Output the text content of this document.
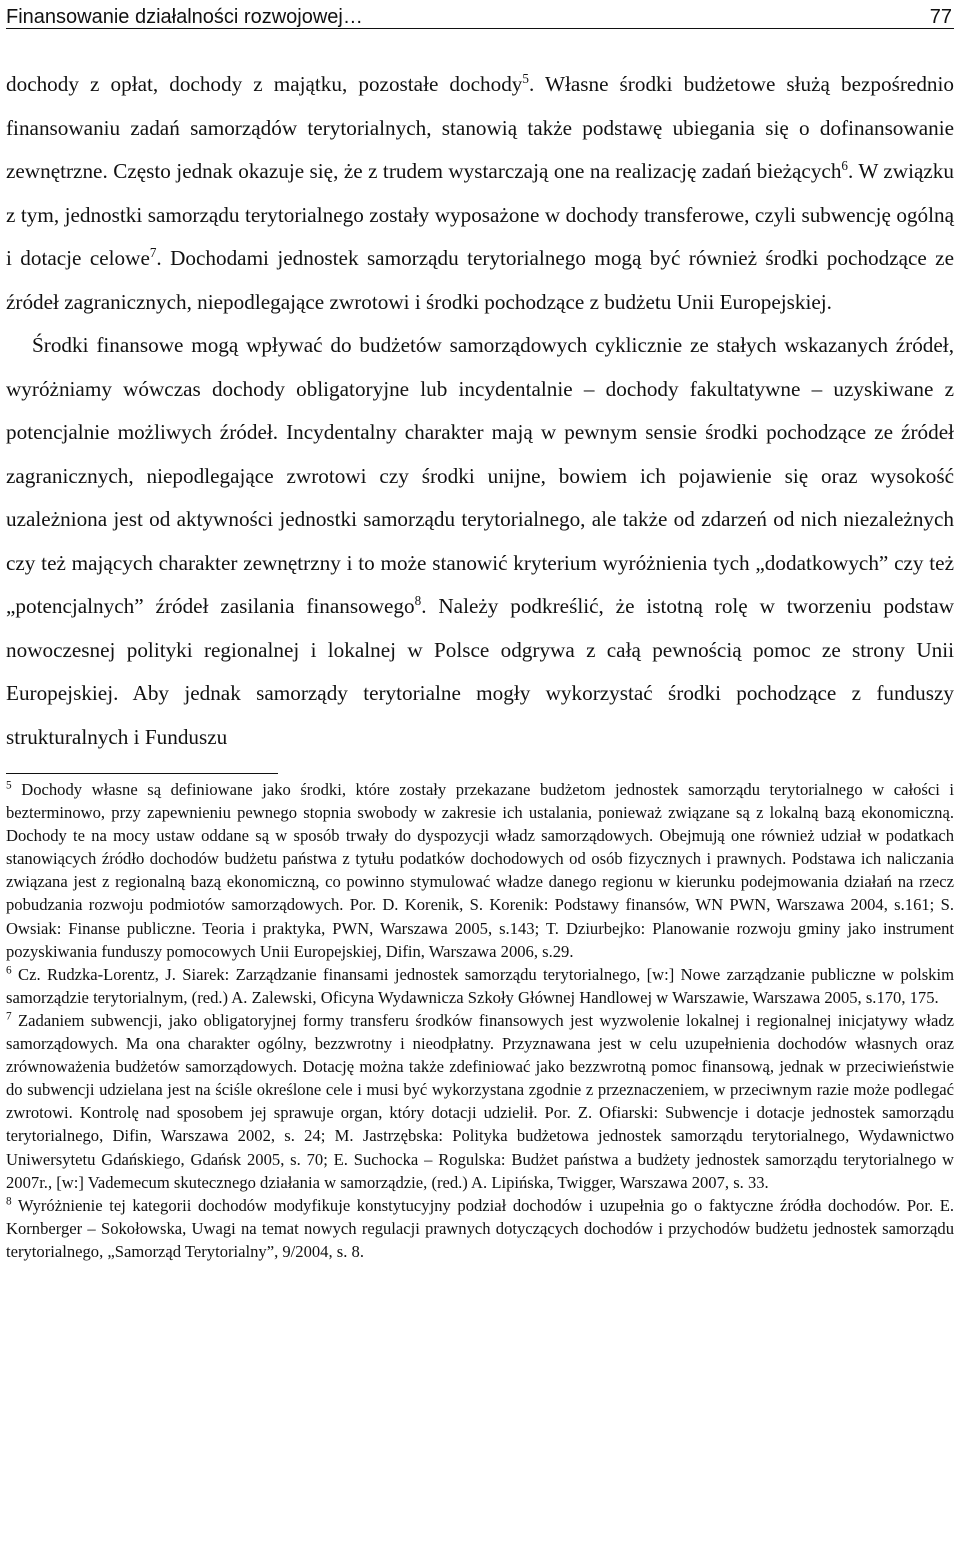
Finansowanie działalności rozwojowej…	77

dochody z opłat, dochody z majątku, pozostałe dochody$^5$. Własne środki budżetowe służą bezpośrednio finansowaniu zadań samorządów terytorialnych, stanowią także podstawę ubiegania się o dofinansowanie zewnętrzne. Często jednak okazuje się, że z trudem wystarczają one na realizację zadań bieżących$^6$. W związku z tym, jednostki samorządu terytorialnego zostały wyposażone w dochody transferowe, czyli subwencję ogólną i dotacje celowe$^7$. Dochodami jednostek samorządu terytorialnego mogą być również środki pochodzące ze źródeł zagranicznych, niepodlegające zwrotowi i środki pochodzące z budżetu Unii Europejskiej.

Środki finansowe mogą wpływać do budżetów samorządowych cyklicznie ze stałych wskazanych źródeł, wyróżniamy wówczas dochody obligatoryjne lub incydentalnie – dochody fakultatywne – uzyskiwane z potencjalnie możliwych źródeł. Incydentalny charakter mają w pewnym sensie środki pochodzące ze źródeł zagranicznych, niepodlegające zwrotowi czy środki unijne, bowiem ich pojawienie się oraz wysokość uzależniona jest od aktywności jednostki samorządu terytorialnego, ale także od zdarzeń od nich niezależnych czy też mających charakter zewnętrzny i to może stanowić kryterium wyróżnienia tych „dodatkowych” czy też „potencjalnych” źródeł zasilania finansowego$^8$. Należy podkreślić, że istotną rolę w tworzeniu podstaw nowoczesnej polityki regionalnej i lokalnej w Polsce odgrywa z całą pewnością pomoc ze strony Unii Europejskiej. Aby jednak samorządy terytorialne mogły wykorzystać środki pochodzące z funduszy strukturalnych i Funduszu

$^5$ Dochody własne są definiowane jako środki, które zostały przekazane budżetom jednostek samorządu terytorialnego w całości i bezterminowo, przy zapewnieniu pewnego stopnia swobody w zakresie ich ustalania, ponieważ związane są z lokalną bazą ekonomiczną. Dochody te na mocy ustaw oddane są w sposób trwały do dyspozycji władz samorządowych. Obejmują one również udział w podatkach stanowiących źródło dochodów budżetu państwa z tytułu podatków dochodowych od osób fizycznych i prawnych. Podstawa ich naliczania związana jest z regionalną bazą ekonomiczną, co powinno stymulować władze danego regionu w kierunku podejmowania działań na rzecz pobudzania rozwoju podmiotów samorządowych. Por. D. Korenik, S. Korenik: Podstawy finansów, WN PWN, Warszawa 2004, s.161; S. Owsiak: Finanse publiczne. Teoria i praktyka, PWN, Warszawa 2005, s.143; T. Dziurbejko: Planowanie rozwoju gminy jako instrument pozyskiwania funduszy pomocowych Unii Europejskiej, Difin, Warszawa 2006, s.29.

$^6$ Cz. Rudzka-Lorentz, J. Siarek: Zarządzanie finansami jednostek samorządu terytorialnego, [w:] Nowe zarządzanie publiczne w polskim samorządzie terytorialnym, (red.) A. Zalewski, Oficyna Wydawnicza Szkoły Głównej Handlowej w Warszawie, Warszawa 2005, s.170, 175.

$^7$ Zadaniem subwencji, jako obligatoryjnej formy transferu środków finansowych jest wyzwolenie lokalnej i regionalnej inicjatywy władz samorządowych. Ma ona charakter ogólny, bezzwrotny i nieodpłatny. Przyznawana jest w celu uzupełnienia dochodów własnych oraz zrównoważenia budżetów samorządowych. Dotację można także zdefiniować jako bezzwrotną pomoc finansową, jednak w przeciwieństwie do subwencji udzielana jest na ściśle określone cele i musi być wykorzystana zgodnie z przeznaczeniem, w przeciwnym razie może podlegać zwrotowi. Kontrolę nad sposobem jej sprawuje organ, który dotacji udzielił. Por. Z. Ofiarski: Subwencje i dotacje jednostek samorządu terytorialnego, Difin, Warszawa 2002, s. 24; M. Jastrzębska: Polityka budżetowa jednostek samorządu terytorialnego, Wydawnictwo Uniwersytetu Gdańskiego, Gdańsk 2005, s. 70; E. Suchocka – Rogulska: Budżet państwa a budżety jednostek samorządu terytorialnego w 2007r., [w:] Vademecum skutecznego działania w samorządzie, (red.) A. Lipińska, Twigger, Warszawa 2007, s. 33.

$^8$ Wyróżnienie tej kategorii dochodów modyfikuje konstytucyjny podział dochodów i uzupełnia go o faktyczne źródła dochodów. Por. E. Kornberger – Sokołowska, Uwagi na temat nowych regulacji prawnych dotyczących dochodów i przychodów budżetu jednostek samorządu terytorialnego, „Samorząd Terytorialny”, 9/2004, s. 8.
